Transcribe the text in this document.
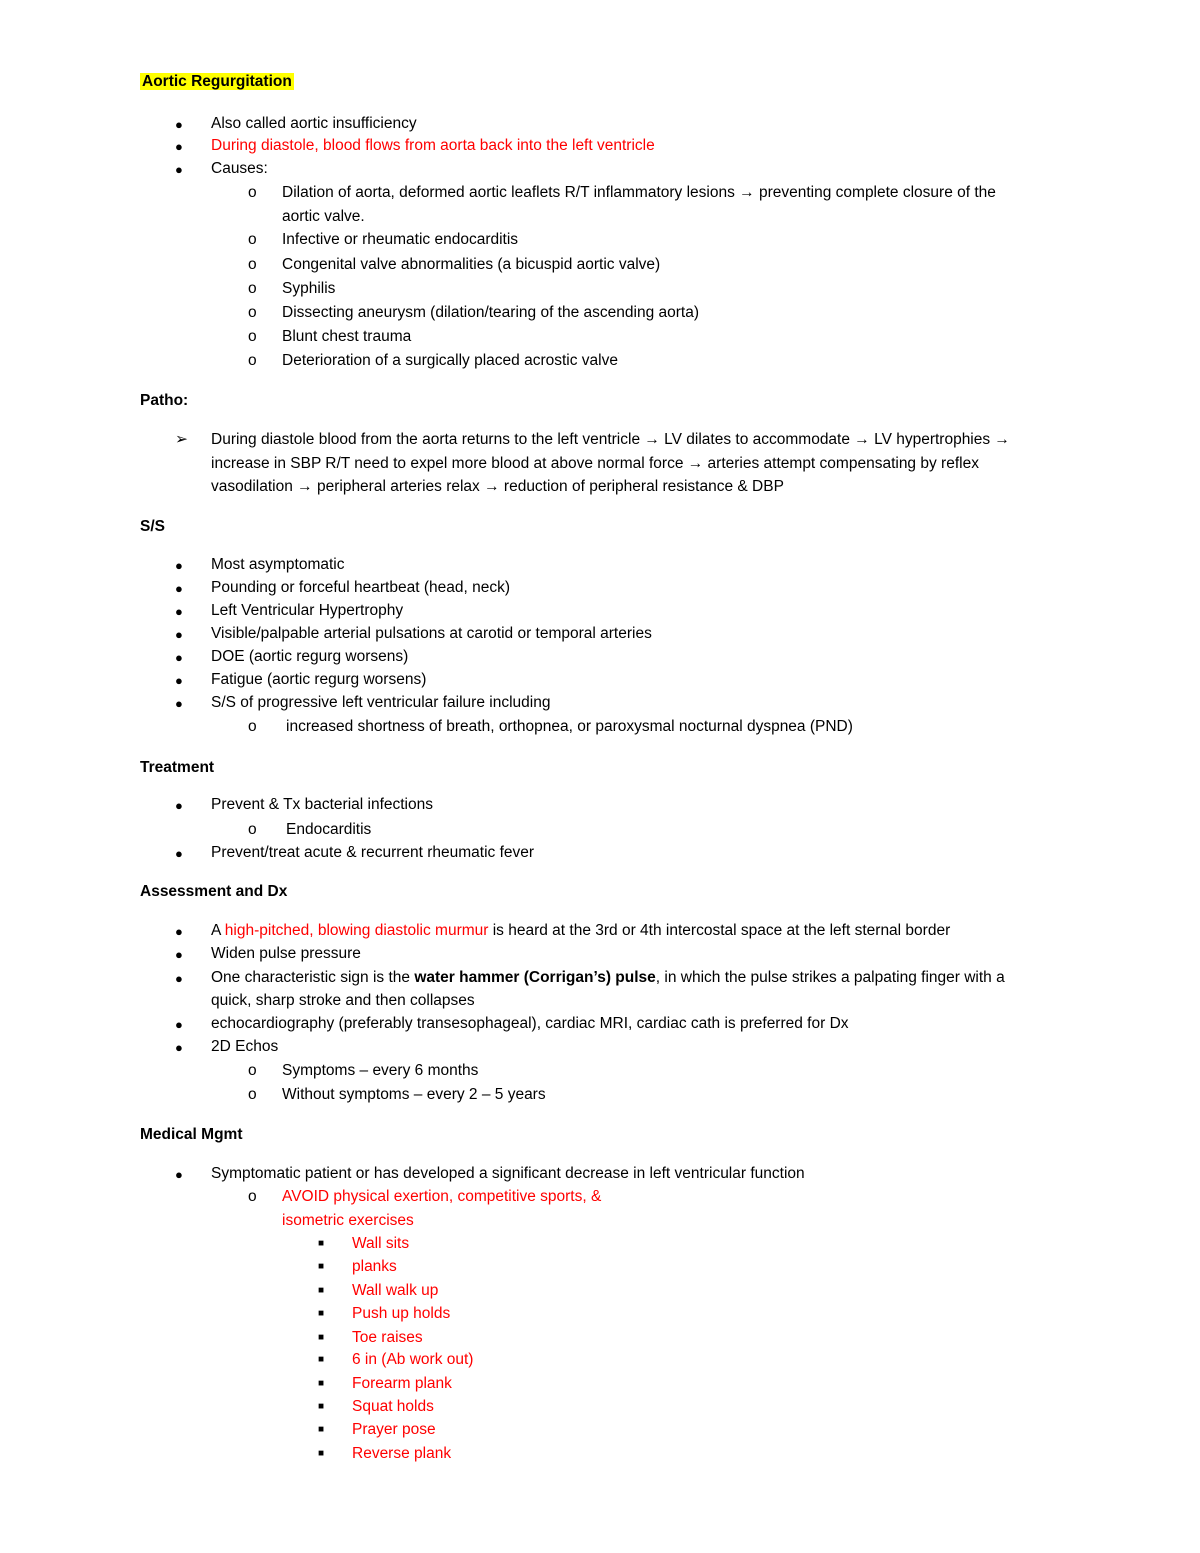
Aortic Regurgitation
● Also called aortic insufficiency
● During diastole, blood flows from aorta back into the left ventricle
● Causes:
o Dilation of aorta, deformed aortic leaflets R/T inflammatory lesions → preventing complete closure of the
aortic valve.
o Infective or rheumatic endocarditis
o Congenital valve abnormalities (a bicuspid aortic valve)
o Syphilis
o Dissecting aneurysm (dilation/tearing of the ascending aorta)
o Blunt chest trauma
o Deterioration of a surgically placed acrostic valve
Patho:
➢ During diastole blood from the aorta returns to the left ventricle → LV dilates to accommodate → LV hypertrophies →
increase in SBP R/T need to expel more blood at above normal force → arteries attempt compensating by reflex
vasodilation → peripheral arteries relax → reduction of peripheral resistance & DBP
S/S
● Most asymptomatic
● Pounding or forceful heartbeat (head, neck)
● Left Ventricular Hypertrophy
● Visible/palpable arterial pulsations at carotid or temporal arteries
● DOE (aortic regurg worsens)
● Fatigue (aortic regurg worsens)
● S/S of progressive left ventricular failure including
o increased shortness of breath, orthopnea, or paroxysmal nocturnal dyspnea (PND)
Treatment
● Prevent & Tx bacterial infections
o Endocarditis
● Prevent/treat acute & recurrent rheumatic fever
Assessment and Dx
● A high-pitched, blowing diastolic murmur is heard at the 3rd or 4th intercostal space at the left sternal border
● Widen pulse pressure
● One characteristic sign is the water hammer (Corrigan’s) pulse, in which the pulse strikes a palpating finger with a
quick, sharp stroke and then collapses
● echocardiography (preferably transesophageal), cardiac MRI, cardiac cath is preferred for Dx
● 2D Echos
o Symptoms – every 6 months
o Without symptoms – every 2 – 5 years
Medical Mgmt
● Symptomatic patient or has developed a significant decrease in left ventricular function
o AVOID physical exertion, competitive sports, &
isometric exercises
■ Wall sits
■ planks
■ Wall walk up
■ Push up holds
■ Toe raises
■ 6 in (Ab work out)
■ Forearm plank
■ Squat holds
■ Prayer pose
■ Reverse plank
